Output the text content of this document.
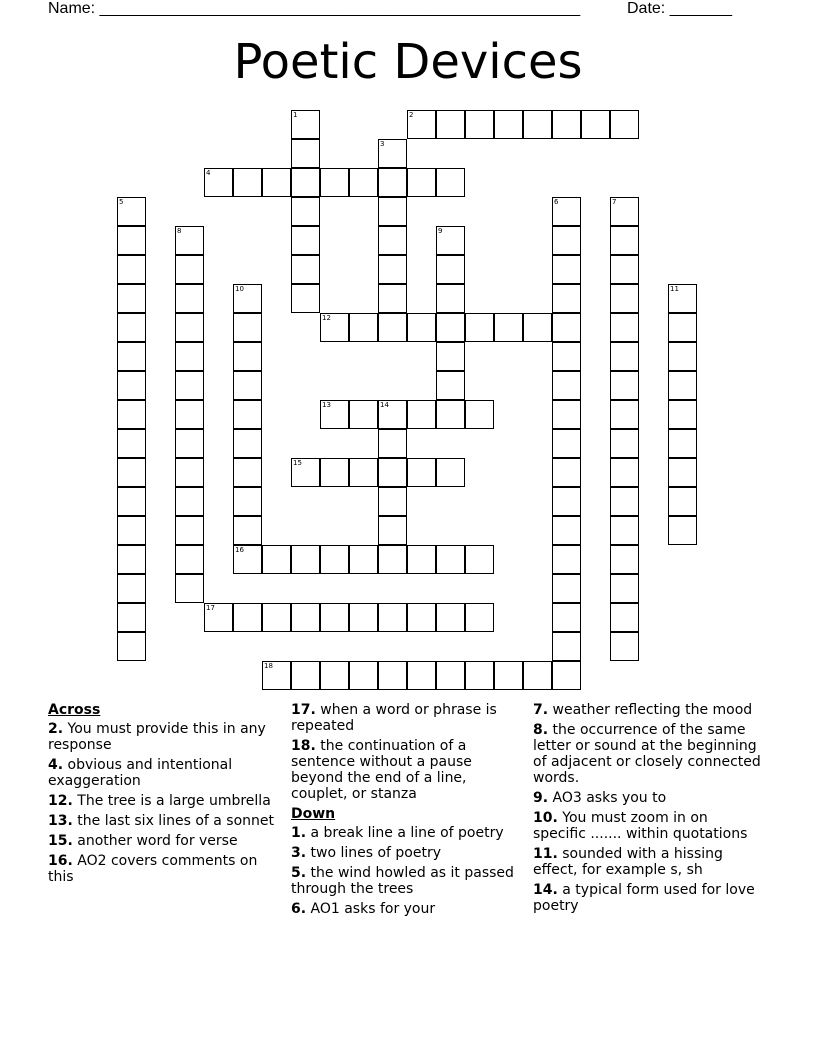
Name: ______________________________________________________	Date: _______
Poetic Devices
1	2
3
4
5	6	7
8	9
10	11
12
13	14
15
16
17
18
Across
2. You must provide this in any response
4. obvious and intentional exaggeration
12. The tree is a large umbrella
13. the last six lines of a sonnet
15. another word for verse
16. AO2 covers comments on this
17. when a word or phrase is repeated
18. the continuation of a sentence without a pause beyond the end of a line, couplet, or stanza
Down
1. a break line a line of poetry
3. two lines of poetry
5. the wind howled as it passed through the trees
6. AO1 asks for your
7. weather reflecting the mood
8. the occurrence of the same letter or sound at the beginning of adjacent or closely connected words.
9. AO3 asks you to
10. You must zoom in on specific ....... within quotations
11. sounded with a hissing effect, for example s, sh
14. a typical form used for love poetry
